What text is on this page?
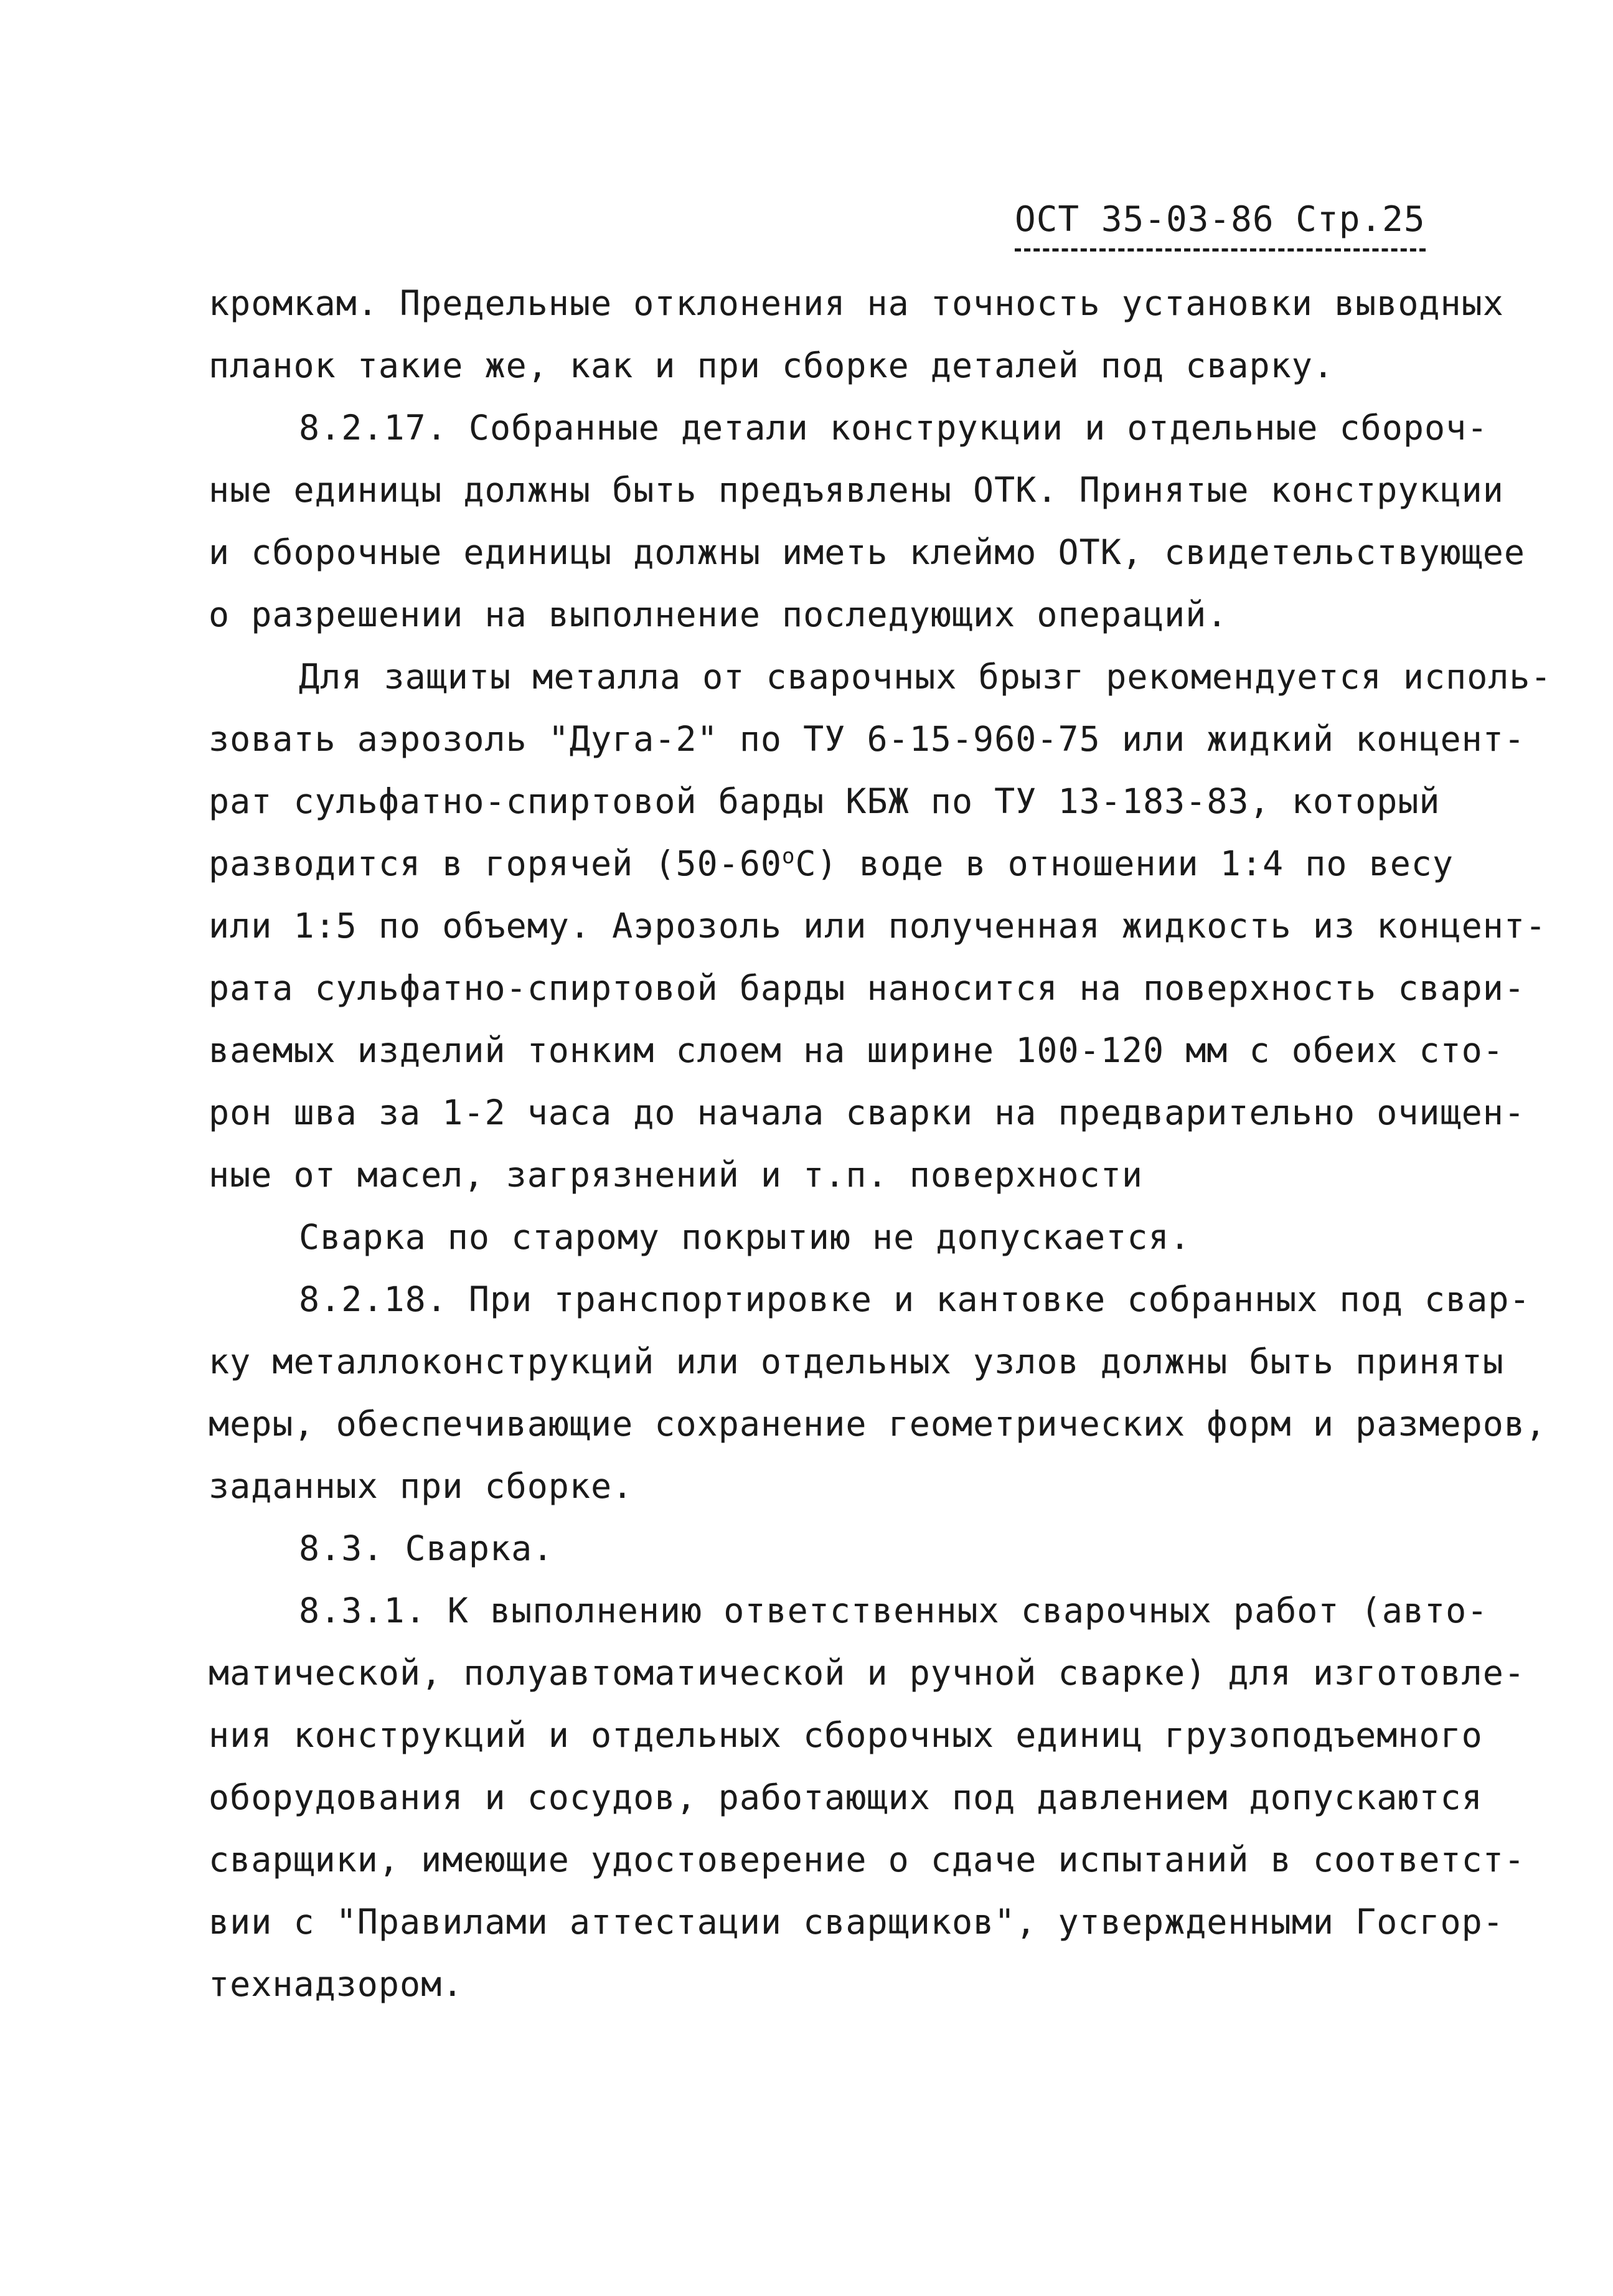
ОСТ 35-03-86 Стр.25
кромкам. Предельные отклонения на точность установки выводных
планок такие же, как и при сборке деталей под сварку.
8.2.17. Собранные детали конструкции и отдельные сбороч-
ные единицы должны быть предъявлены ОТК. Принятые конструкции
и сборочные единицы должны иметь клеймо ОТК, свидетельствующее
о разрешении на выполнение последующих операций.
Для защиты металла от сварочных брызг рекомендуется исполь-
зовать аэрозоль "Дуга-2" по ТУ 6-15-960-75 или жидкий концент-
рат сульфатно-спиртовой барды КБЖ по ТУ 13-183-83, который
разводится в горячей (50-60$^o$C) воде в отношении 1:4 по весу
или 1:5 по объему. Аэрозоль или полученная жидкость из концент-
рата сульфатно-спиртовой барды наносится на поверхность свари-
ваемых изделий тонким слоем на ширине 100-120 мм с обеих сто-
рон шва за 1-2 часа до начала сварки на предварительно очищен-
ные от масел, загрязнений и т.п. поверхности
Сварка по старому покрытию не допускается.
8.2.18. При транспортировке и кантовке собранных под свар-
ку металлоконструкций или отдельных узлов должны быть приняты
меры, обеспечивающие сохранение геометрических форм и размеров,
заданных при сборке.
8.3. Сварка.
8.3.1. К выполнению ответственных сварочных работ (авто-
матической, полуавтоматической и ручной сварке) для изготовле-
ния конструкций и отдельных сборочных единиц грузоподъемного
оборудования и сосудов, работающих под давлением допускаются
сварщики, имеющие удостоверение о сдаче испытаний в соответст-
вии с "Правилами аттестации сварщиков", утвержденными Госгор-
технадзором.
